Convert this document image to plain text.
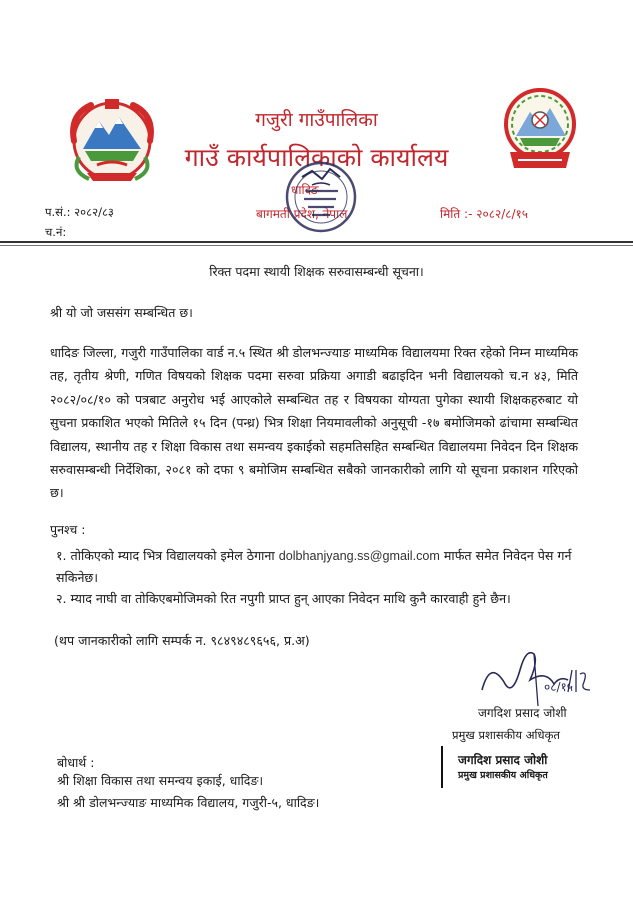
गजुरी गाउँपालिका
गाउँ कार्यपालिकाको कार्यालय
धादिङ
बागमती प्रदेश, नेपाल
प.सं.: २०८२/८३
च.नं:
मिति :- २०८२/८/१५
रिक्त पदमा स्थायी शिक्षक सरुवासम्बन्धी सूचना।
श्री यो जो जससंग सम्बन्धित छ।
धादिङ जिल्ला, गजुरी गाउँपालिका वार्ड न.५ स्थित श्री डोलभन्ज्याङ माध्यमिक विद्यालयमा रिक्त रहेको निम्न माध्यमिक तह, तृतीय श्रेणी, गणित विषयको शिक्षक पदमा सरुवा प्रक्रिया अगाडी बढाइदिन भनी विद्यालयको च.न ४३, मिति २०८२/०८/१० को पत्रबाट अनुरोध भई आएकोले सम्बन्धित तह र विषयका योग्यता पुगेका स्थायी शिक्षकहरुबाट यो सुचना प्रकाशित भएको मितिले १५ दिन (पन्ध्र) भित्र शिक्षा नियमावलीको अनुसूची -१७ बमोजिमको ढांचामा सम्बन्धित विद्यालय, स्थानीय तह र शिक्षा विकास तथा समन्वय इकाईको सहमतिसहित सम्बन्धित विद्यालयमा निवेदन दिन शिक्षक सरुवासम्बन्धी निर्देशिका, २०८१ को दफा ९ बमोजिम सम्बन्धित सबैको जानकारीको लागि यो सूचना प्रकाशन गरिएको छ।
पुनश्च :
१. तोकिएको म्याद भित्र विद्यालयको इमेल ठेगाना dolbhanjyang.ss@gmail.com मार्फत समेत निवेदन पेस गर्न सकिनेछ।
२. म्याद नाघी वा तोकिएबमोजिमको रित नपुगी प्राप्त हुन् आएका निवेदन माथि कुनै कारवाही हुने छैन।
(थप जानकारीको लागि सम्पर्क न. ९८४९४८९६५६, प्र.अ)
०८/१५
जगदिश प्रसाद जोशी
प्रमुख प्रशासकीय अधिकृत
जगदिश प्रसाद जोशी
प्रमुख प्रशासकीय अधिकृत
बोधार्थ :
श्री शिक्षा विकास तथा समन्वय इकाई, धादिङ।
श्री श्री डोलभन्ज्याङ माध्यमिक विद्यालय, गजुरी-५, धादिङ।
